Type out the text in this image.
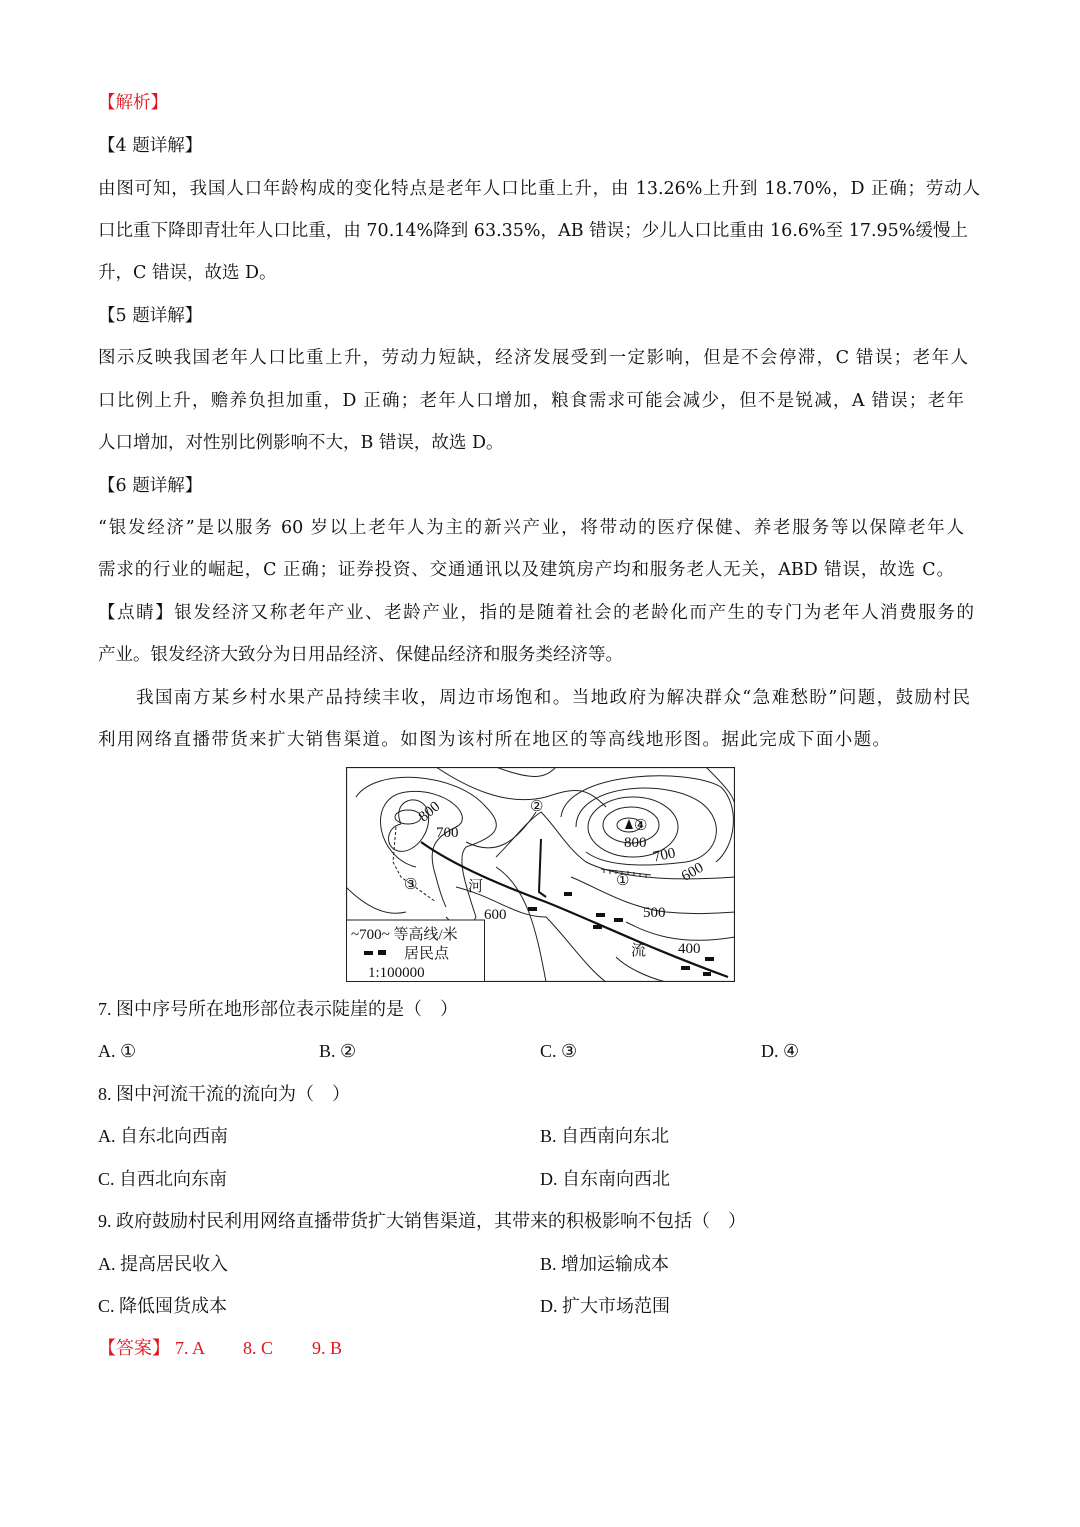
【解析】
【4 题详解】
由图可知，我国人口年龄构成的变化特点是老年人口比重上升，由 13.26%上升到 18.70%，D 正确；劳动人
口比重下降即青壮年人口比重，由 70.14%降到 63.35%，AB 错误；少儿人口比重由 16.6%至 17.95%缓慢上
升，C 错误，故选 D。
【5 题详解】
图示反映我国老年人口比重上升，劳动力短缺，经济发展受到一定影响，但是不会停滞，C 错误；老年人
口比例上升，赡养负担加重，D 正确；老年人口增加，粮食需求可能会减少，但不是锐减，A 错误；老年
人口增加，对性别比例影响不大，B 错误，故选 D。
【6 题详解】
“银发经济”是以服务 60 岁以上老年人为主的新兴产业，将带动的医疗保健、养老服务等以保障老年人
需求的行业的崛起，C 正确；证券投资、交通通讯以及建筑房产均和服务老人无关，ABD 错误，故选 C。
【点睛】银发经济又称老年产业、老龄产业，指的是随着社会的老龄化而产生的专门为老年人消费服务的
产业。银发经济大致分为日用品经济、保健品经济和服务类经济等。
我国南方某乡村水果产品持续丰收，周边市场饱和。当地政府为解决群众“急难愁盼”问题，鼓励村民
利用网络直播带货来扩大销售渠道。如图为该村所在地区的等高线地形图。据此完成下面小题。
800
700
800
700
600
600	500
400
①
②
③
④
河
流
~700~ 等高线/米
居民点
1:100000
7. 图中序号所在地形部位表示陡崖的是（　）
A. ①	B. ②	C. ③	D. ④
8. 图中河流干流的流向为（　）
A. 自东北向西南	B. 自西南向东北
C. 自西北向东南	D. 自东南向西北
9. 政府鼓励村民利用网络直播带货扩大销售渠道，其带来的积极影响不包括（　）
A. 提高居民收入	B. 增加运输成本
C. 降低囤货成本	D. 扩大市场范围
【答案】 7. A 8. C 9. B
